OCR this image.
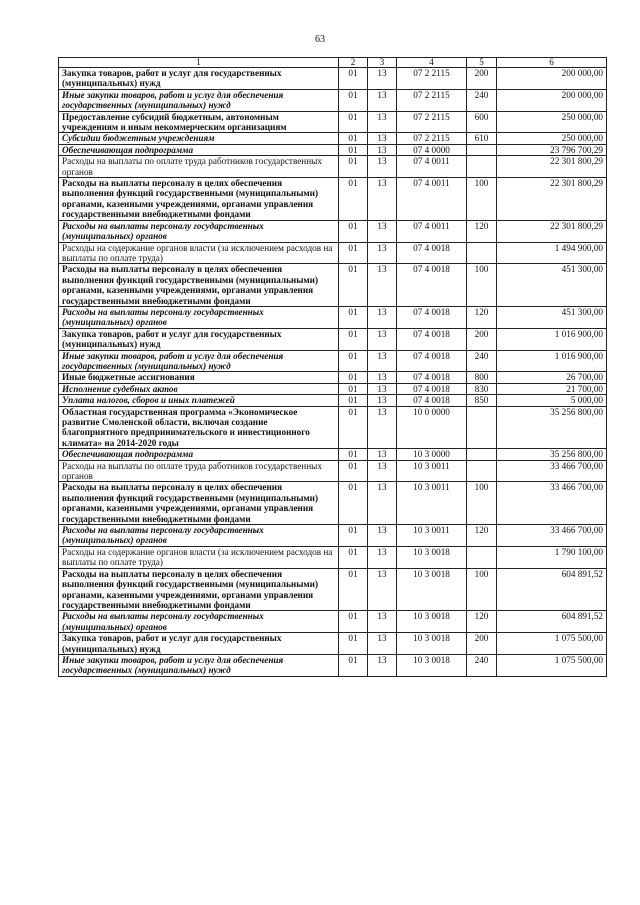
63
1	2	3	4	5	6
Закупка товаров, работ и услуг для государственных (муниципальных) нужд	01	13	07 2 2115	200	200 000,00
Иные закупки товаров, работ и услуг для обеспечения государственных (муниципальных) нужд	01	13	07 2 2115	240	200 000,00
Предоставление субсидий бюджетным, автономным учреждениям и иным некоммерческим организациям	01	13	07 2 2115	600	250 000,00
Субсидии бюджетным учреждениям	01	13	07 2 2115	610	250 000,00
Обеспечивающая подпрограмма	01	13	07 4 0000		23 796 700,29
Расходы на выплаты по оплате труда работников государственных органов	01	13	07 4 0011		22 301 800,29
Расходы на выплаты персоналу в целях обеспечения выполнения функций государственными (муниципальными) органами, казенными учреждениями, органами управления государственными внебюджетными фондами	01	13	07 4 0011	100	22 301 800,29
Расходы на выплаты персоналу государственных (муниципальных) органов	01	13	07 4 0011	120	22 301 800,29
Расходы на содержание органов власти (за исключением расходов на выплаты по оплате труда)	01	13	07 4 0018		1 494 900,00
Расходы на выплаты персоналу в целях обеспечения выполнения функций государственными (муниципальными) органами, казенными учреждениями, органами управления государственными внебюджетными фондами	01	13	07 4 0018	100	451 300,00
Расходы на выплаты персоналу государственных (муниципальных) органов	01	13	07 4 0018	120	451 300,00
Закупка товаров, работ и услуг для государственных (муниципальных) нужд	01	13	07 4 0018	200	1 016 900,00
Иные закупки товаров, работ и услуг для обеспечения государственных (муниципальных) нужд	01	13	07 4 0018	240	1 016 900,00
Иные бюджетные ассигнования	01	13	07 4 0018	800	26 700,00
Исполнение судебных актов	01	13	07 4 0018	830	21 700,00
Уплата налогов, сборов и иных платежей	01	13	07 4 0018	850	5 000,00
Областная государственная программа «Экономическое развитие Смоленской области, включая создание благоприятного предпринимательского и инвестиционного климата» на 2014-2020 годы	01	13	10 0 0000		35 256 800,00
Обеспечивающая подпрограмма	01	13	10 3 0000		35 256 800,00
Расходы на выплаты по оплате труда работников государственных органов	01	13	10 3 0011		33 466 700,00
Расходы на выплаты персоналу в целях обеспечения выполнения функций государственными (муниципальными) органами, казенными учреждениями, органами управления государственными внебюджетными фондами	01	13	10 3 0011	100	33 466 700,00
Расходы на выплаты персоналу государственных (муниципальных) органов	01	13	10 3 0011	120	33 466 700,00
Расходы на содержание органов власти (за исключением расходов на выплаты по оплате труда)	01	13	10 3 0018		1 790 100,00
Расходы на выплаты персоналу в целях обеспечения выполнения функций государственными (муниципальными) органами, казенными учреждениями, органами управления государственными внебюджетными фондами	01	13	10 3 0018	100	604 891,52
Расходы на выплаты персоналу государственных (муниципальных) органов	01	13	10 3 0018	120	604 891,52
Закупка товаров, работ и услуг для государственных (муниципальных) нужд	01	13	10 3 0018	200	1 075 500,00
Иные закупки товаров, работ и услуг для обеспечения государственных (муниципальных) нужд	01	13	10 3 0018	240	1 075 500,00
